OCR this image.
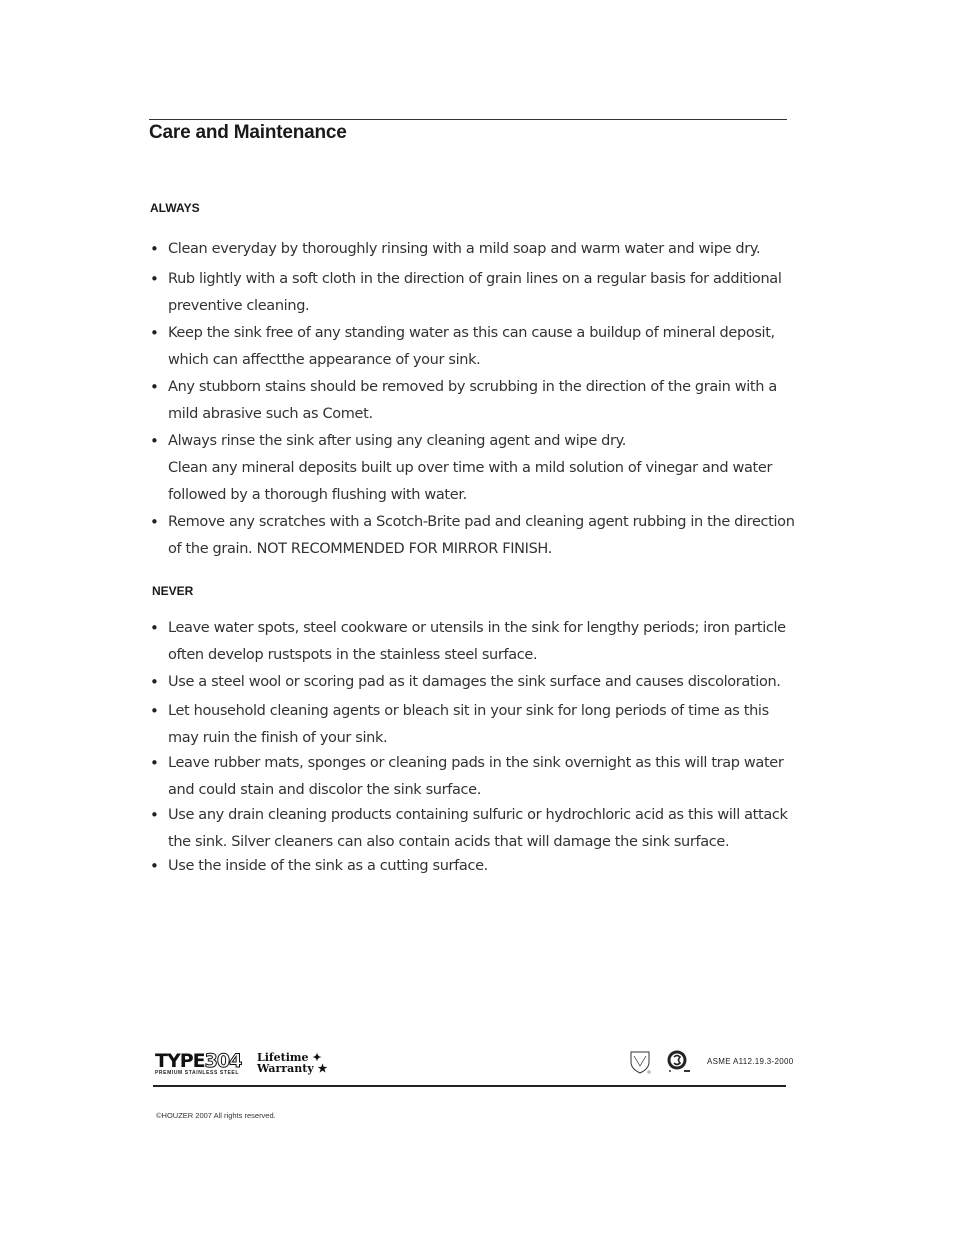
Care and Maintenance
ALWAYS
• Clean everyday by thoroughly rinsing with a mild soap and warm water and wipe dry.
• Rub lightly with a soft cloth in the direction of grain lines on a regular basis for additional preventive cleaning.
• Keep the sink free of any standing water as this can cause a buildup of mineral deposit, which can affectthe appearance of your sink.
• Any stubborn stains should be removed by scrubbing in the direction of the grain with a mild abrasive such as Comet.
• Always rinse the sink after using any cleaning agent and wipe dry.
Clean any mineral deposits built up over time with a mild solution of vinegar and water followed by a thorough flushing with water.
• Remove any scratches with a Scotch-Brite pad and cleaning agent rubbing in the direction of the grain. NOT RECOMMENDED FOR MIRROR FINISH.
NEVER
• Leave water spots, steel cookware or utensils in the sink for lengthy periods; iron particle often develop rustspots in the stainless steel surface.
• Use a steel wool or scoring pad as it damages the sink surface and causes discoloration.
• Let household cleaning agents or bleach sit in your sink for long periods of time as this may ruin the finish of your sink.
• Leave rubber mats, sponges or cleaning pads in the sink overnight as this will trap water and could stain and discolor the sink surface.
• Use any drain cleaning products containing sulfuric or hydrochloric acid as this will attack the sink. Silver cleaners can also contain acids that will damage the sink surface.
• Use the inside of the sink as a cutting surface.
TYPE304
PREMIUM STAINLESS STEEL
Lifetime ✦
Warranty ★
ASME A112.19.3-2000
©HOUZER 2007 All rights reserved.
